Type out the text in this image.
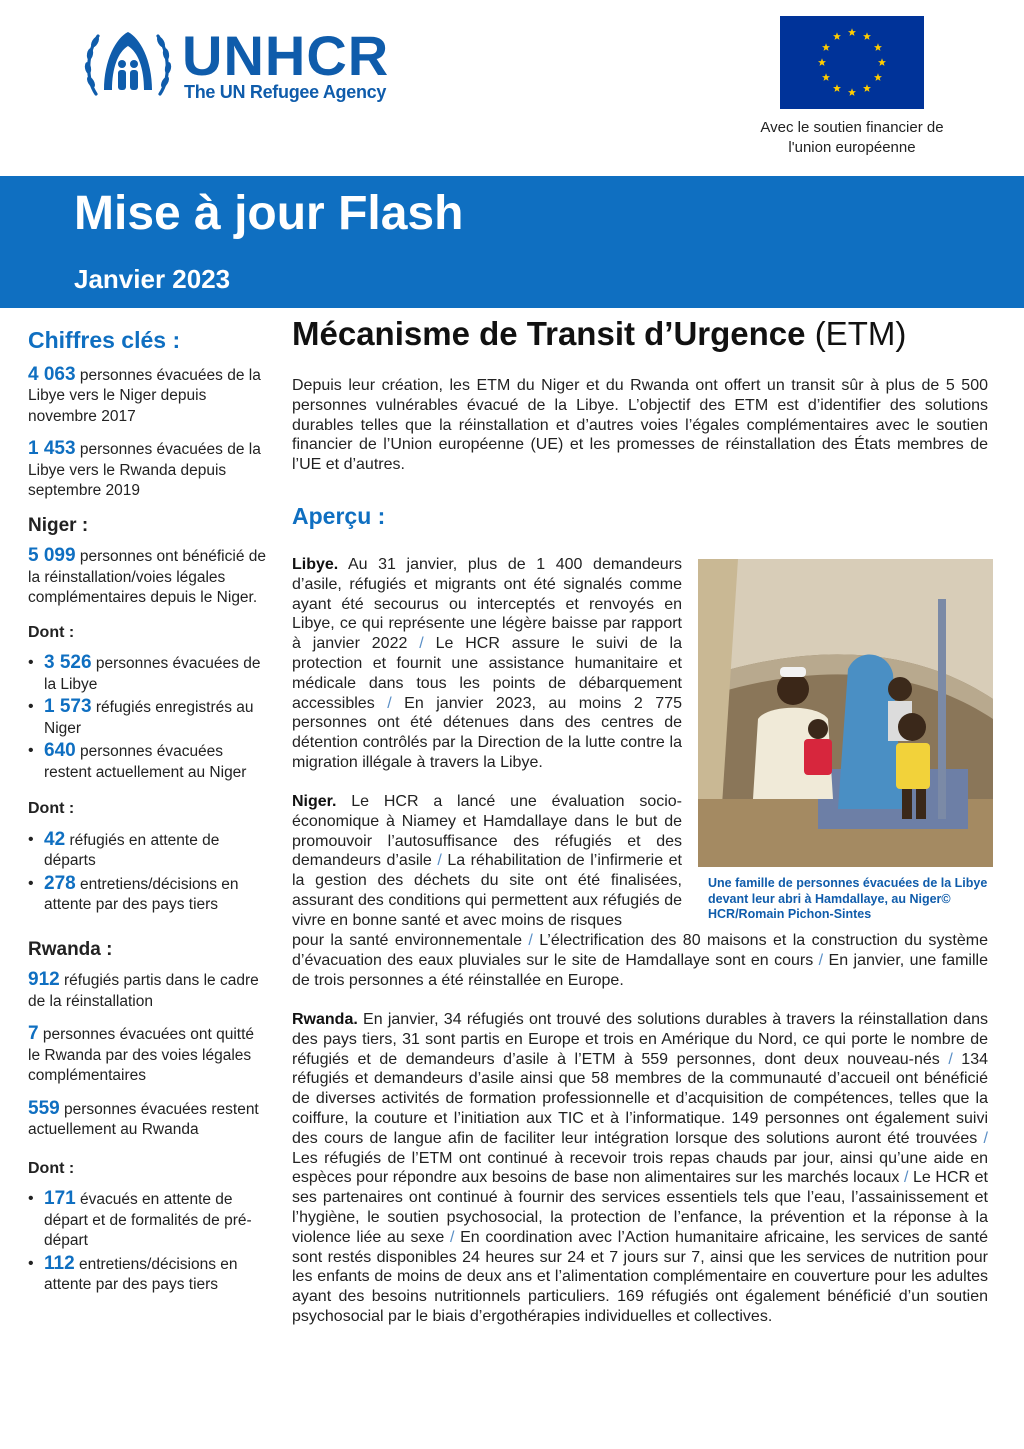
UNHCR
The UN Refugee Agency
Avec le soutien financier de
l'union européenne
Mise à jour Flash
Janvier 2023
Chiffres clés :
4 063 personnes évacuées de la Libye vers le Niger depuis novembre 2017
1 453 personnes évacuées de la Libye vers le Rwanda depuis septembre 2019
Niger :
5 099 personnes ont bénéficié de la réinstallation/voies légales complémentaires depuis le Niger.
Dont :
• 3 526 personnes évacuées de la Libye
• 1 573 réfugiés enregistrés au Niger
• 640 personnes évacuées restent actuellement au Niger
Dont :
• 42 réfugiés en attente de départs
• 278 entretiens/décisions en attente par des pays tiers
Rwanda :
912 réfugiés partis dans le cadre de la réinstallation
7 personnes évacuées ont quitté le Rwanda par des voies légales complémentaires
559 personnes évacuées restent actuellement au Rwanda
Dont :
• 171 évacués en attente de départ et de formalités de pré-départ
• 112 entretiens/décisions en attente par des pays tiers
Mécanisme de Transit d’Urgence (ETM)

Depuis leur création, les ETM du Niger et du Rwanda ont offert un transit sûr à plus de 5 500 personnes vulnérables évacué de la Libye. L’objectif des ETM est d’identifier des solutions durables telles que la réinstallation et d’autres voies l’égales complémentaires avec le soutien financier de l’Union européenne (UE) et les promesses de réinstallation des États membres de l’UE et d’autres.

Aperçu :

Libye. Au 31 janvier, plus de 1 400 demandeurs d’asile, réfugiés et migrants ont été signalés comme ayant été secourus ou interceptés et renvoyés en Libye, ce qui représente une légère baisse par rapport à janvier 2022 / Le HCR assure le suivi de la protection et fournit une assistance humanitaire et médicale dans tous les points de débarquement accessibles / En janvier 2023, au moins 2 775 personnes ont été détenues dans des centres de détention contrôlés par la Direction de la lutte contre la migration illégale à travers la Libye.

Niger. Le HCR a lancé une évaluation socio-économique à Niamey et Hamdallaye dans le but de promouvoir l’autosuffisance des réfugiés et des demandeurs d’asile / La réhabilitation de l’infirmerie et la gestion des déchets du site ont été finalisées, assurant des conditions qui permettent aux réfugiés de vivre en bonne santé et avec moins de risques

pour la santé environnementale / L’électrification des 80 maisons et la construction du système d’évacuation des eaux pluviales sur le site de Hamdallaye sont en cours / En janvier, une famille de trois personnes a été réinstallée en Europe.

Rwanda. En janvier, 34 réfugiés ont trouvé des solutions durables à travers la réinstallation dans des pays tiers, 31 sont partis en Europe et trois en Amérique du Nord, ce qui porte le nombre de réfugiés et de demandeurs d’asile à l’ETM à 559 personnes, dont deux nouveau-nés / 134 réfugiés et demandeurs d’asile ainsi que 58 membres de la communauté d’accueil ont bénéficié de diverses activités de formation professionnelle et d’acquisition de compétences, telles que la coiffure, la couture et l’initiation aux TIC et à l’informatique. 149 personnes ont également suivi des cours de langue afin de faciliter leur intégration lorsque des solutions auront été trouvées / Les réfugiés de l’ETM ont continué à recevoir trois repas chauds par jour, ainsi qu’une aide en espèces pour répondre aux besoins de base non alimentaires sur les marchés locaux / Le HCR et ses partenaires ont continué à fournir des services essentiels tels que l’eau, l’assainissement et l’hygiène, le soutien psychosocial, la protection de l’enfance, la prévention et la réponse à la violence liée au sexe / En coordination avec l’Action humanitaire africaine, les services de santé sont restés disponibles 24 heures sur 24 et 7 jours sur 7, ainsi que les services de nutrition pour les enfants de moins de deux ans et l’alimentation complémentaire en couverture pour les adultes ayant des besoins nutritionnels particuliers. 169 réfugiés ont également bénéficié d’un soutien psychosocial par le biais d’ergothérapies individuelles et collectives.

Une famille de personnes évacuées de la Libye devant leur abri à Hamdallaye, au Niger© HCR/Romain Pichon-Sintes
